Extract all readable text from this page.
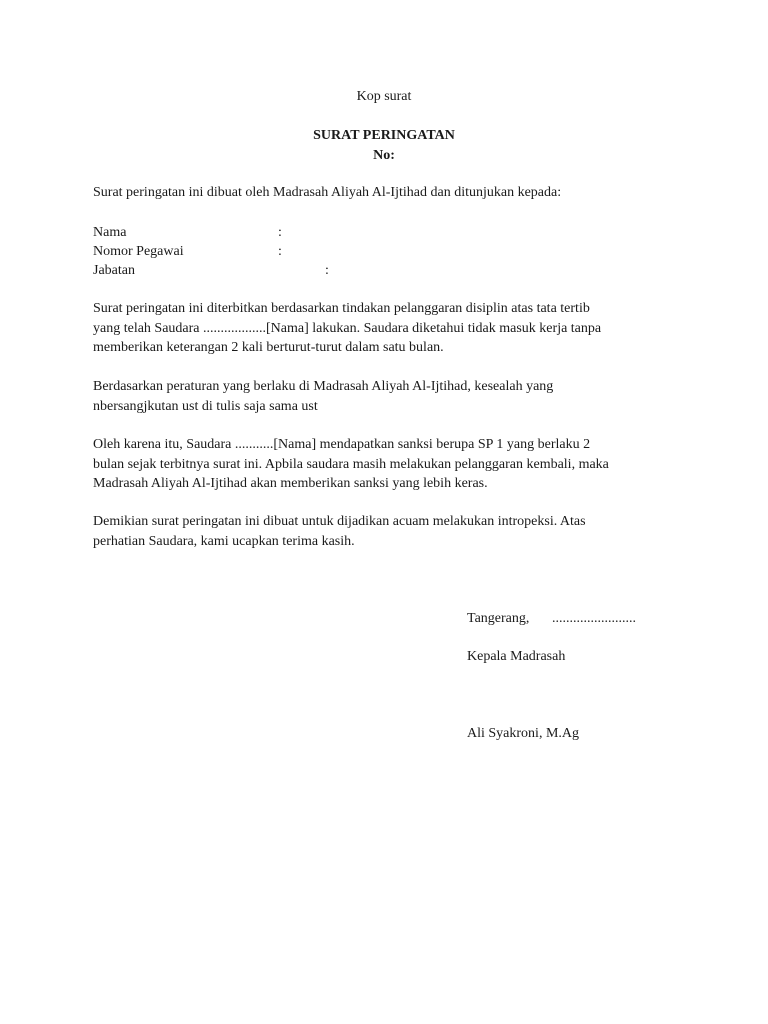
Kop surat
SURAT PERINGATAN
No:
Surat peringatan ini dibuat oleh Madrasah Aliyah Al-Ijtihad dan ditunjukan kepada:
Nama	:
Nomor Pegawai	:
Jabatan	:
Surat peringatan ini diterbitkan berdasarkan tindakan pelanggaran disiplin atas tata tertib
yang telah Saudara ..................[Nama] lakukan. Saudara diketahui tidak masuk kerja tanpa
memberikan keterangan 2 kali berturut-turut dalam satu bulan.
Berdasarkan peraturan yang berlaku di Madrasah Aliyah Al-Ijtihad, kesealah yang
nbersangjkutan ust di tulis saja sama ust
Oleh karena itu, Saudara ...........[Nama] mendapatkan sanksi berupa SP 1 yang berlaku 2
bulan sejak terbitnya surat ini. Apbila saudara masih melakukan pelanggaran kembali, maka
Madrasah Aliyah Al-Ijtihad akan memberikan sanksi yang lebih keras.
Demikian surat peringatan ini dibuat untuk dijadikan acuam melakukan intropeksi. Atas
perhatian Saudara, kami ucapkan terima kasih.
Tangerang, ........................
Kepala Madrasah
Ali Syakroni, M.Ag
